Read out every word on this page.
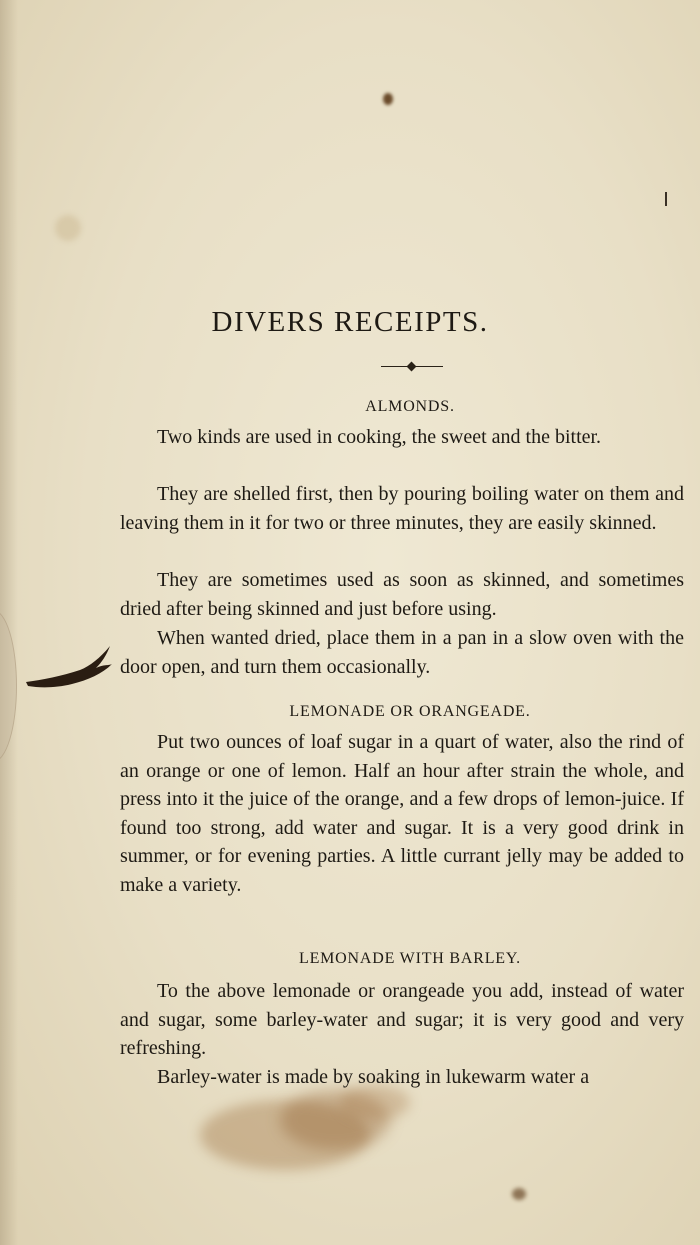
DIVERS RECEIPTS.
ALMONDS.
Two kinds are used in cooking, the sweet and the bitter.
They are shelled first, then by pouring boiling water on them and leaving them in it for two or three minutes, they are easily skinned.
They are sometimes used as soon as skinned, and sometimes dried after being skinned and just before using.
When wanted dried, place them in a pan in a slow oven with the door open, and turn them occasionally.
LEMONADE OR ORANGEADE.
Put two ounces of loaf sugar in a quart of water, also the rind of an orange or one of lemon. Half an hour after strain the whole, and press into it the juice of the orange, and a few drops of lemon-juice. If found too strong, add water and sugar. It is a very good drink in summer, or for evening parties. A little currant jelly may be added to make a variety.
LEMONADE WITH BARLEY.
To the above lemonade or orangeade you add, instead of water and sugar, some barley-water and sugar; it is very good and very refreshing.
Barley-water is made by soaking in lukewarm water a
